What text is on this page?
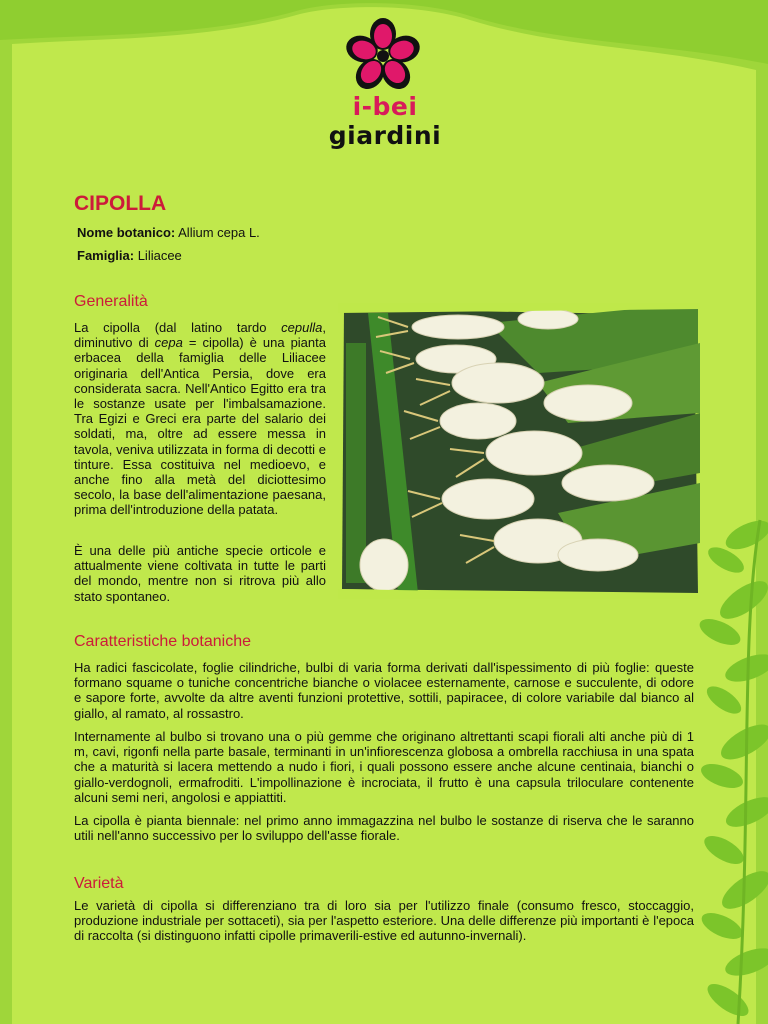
i-bei giardini
CIPOLLA
Nome botanico: Allium cepa L.
Famiglia: Liliacee
Generalità
La cipolla (dal latino tardo cepulla, diminutivo di cepa = cipolla) è una pianta erbacea della famiglia delle Liliacee originaria dell'Antica Persia, dove era considerata sacra. Nell'Antico Egitto era tra le sostanze usate per l'imbalsamazione. Tra Egizi e Greci era parte del salario dei soldati, ma, oltre ad essere messa in tavola, veniva utilizzata in forma di decotti e tinture. Essa costituiva nel medioevo, e anche fino alla metà del diciottesimo secolo, la base dell'alimentazione paesana, prima dell'introduzione della patata.
È una delle più antiche specie orticole e attualmente viene coltivata in tutte le parti del mondo, mentre non si ritrova più allo stato spontaneo.
Caratteristiche botaniche
Ha radici fascicolate, foglie cilindriche, bulbi di varia forma derivati dall'ispessimento di più foglie: queste formano squame o tuniche concentriche bianche o violacee esternamente, carnose e succulente, di odore e sapore forte, avvolte da altre aventi funzioni protettive, sottili, papiracee, di colore variabile dal bianco al giallo, al ramato, al rossastro.
Internamente al bulbo si trovano una o più gemme che originano altrettanti scapi fiorali alti anche più di 1 m, cavi, rigonfi nella parte basale, terminanti in un'infiorescenza globosa a ombrella racchiusa in una spata che a maturità si lacera mettendo a nudo i fiori, i quali possono essere anche alcune centinaia, bianchi o giallo-verdognoli, ermafroditi. L'impollinazione è incrociata, il frutto è una capsula triloculare contenente alcuni semi neri, angolosi e appiattiti.
La cipolla è pianta biennale: nel primo anno immagazzina nel bulbo le sostanze di riserva che le saranno utili nell'anno successivo per lo sviluppo dell'asse fiorale.
Varietà
Le varietà di cipolla si differenziano tra di loro sia per l'utilizzo finale (consumo fresco, stoccaggio, produzione industriale per sottaceti), sia per l'aspetto esteriore. Una delle differenze più importanti è l'epoca di raccolta (si distinguono infatti cipolle primaverili-estive ed autunno-invernali).
